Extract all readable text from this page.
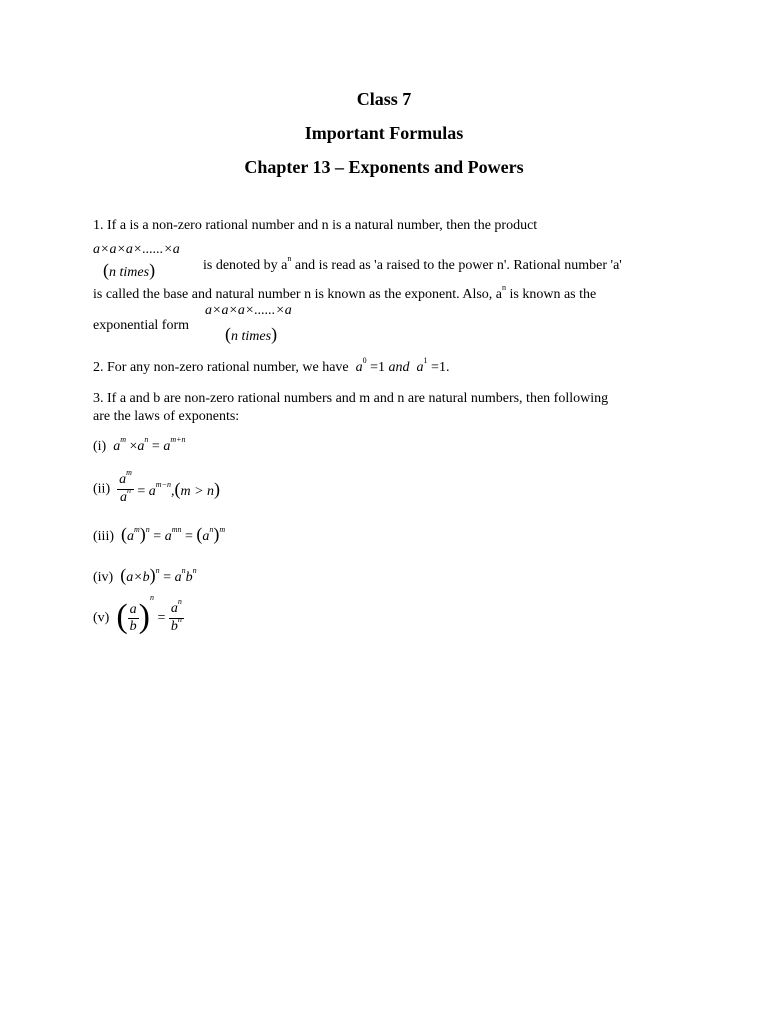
Class 7
Important Formulas
Chapter 13 – Exponents and Powers
1. If a is a non-zero rational number and n is a natural number, then the product
a×a×a×......×a
(n times)	is denoted by $a^n$ and is read as 'a raised to the power n'. Rational number 'a'
is called the base and natural number n is known as the exponent. Also, $a^n$ is known as the
a×a×a×......×a
exponential form (n times)
2. For any non-zero rational number, we have $a^0 =1$ and $a^1 =1$.
3. If a and b are non-zero rational numbers and m and n are natural numbers, then following
are the laws of exponents:
(i) $a^m \times a^n = a^{m+n}$
$(ii) \frac{a^m}{a^n} = a^{m-n},(m > n)$
(iii) $(a^m)^n = a^{mn} = (a^n)^m$
(iv) $(a\times b)^n = a^nb^n$
(v) ( $\frac{a}{b} )^n = \frac{a^n}{b^n}$
